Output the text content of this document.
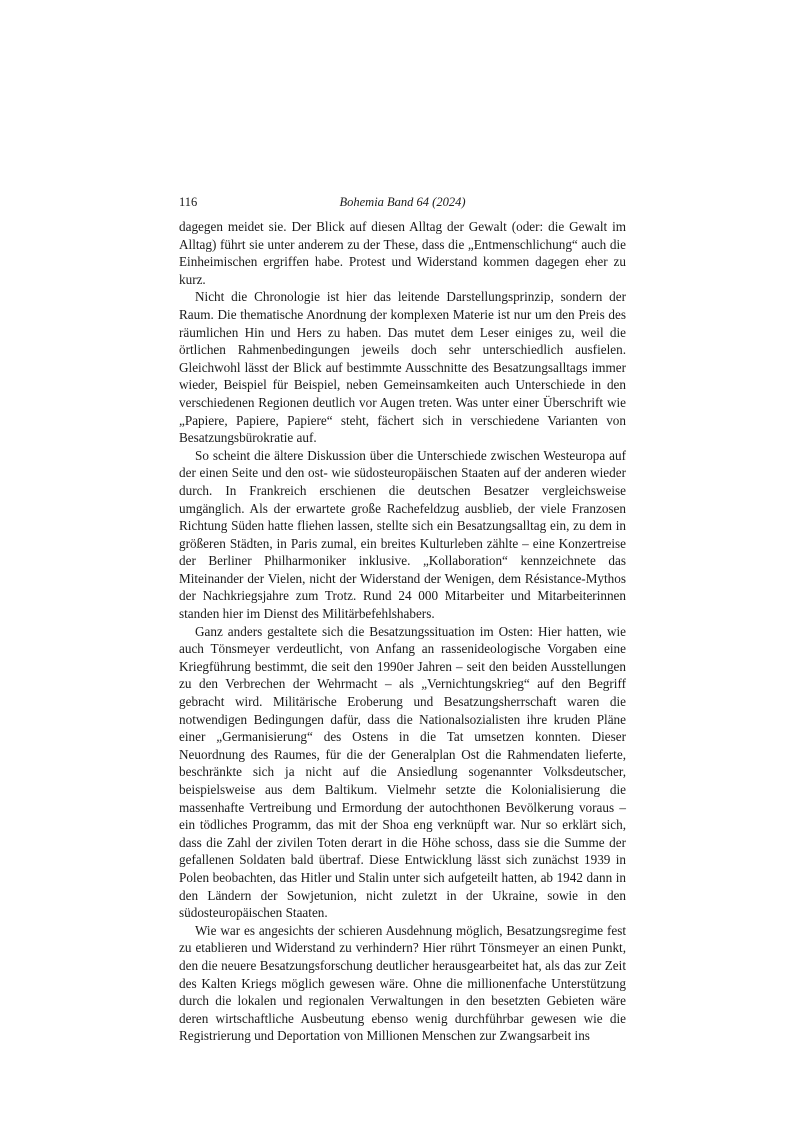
116	Bohemia Band 64 (2024)

dagegen meidet sie. Der Blick auf diesen Alltag der Gewalt (oder: die Gewalt im Alltag) führt sie unter anderem zu der These, dass die „Entmenschlichung“ auch die Einheimischen ergriffen habe. Protest und Widerstand kommen dagegen eher zu kurz.

Nicht die Chronologie ist hier das leitende Darstellungsprinzip, sondern der Raum. Die thematische Anordnung der komplexen Materie ist nur um den Preis des räumlichen Hin und Hers zu haben. Das mutet dem Leser einiges zu, weil die örtlichen Rahmenbedingungen jeweils doch sehr unterschiedlich ausfielen. Gleichwohl lässt der Blick auf bestimmte Ausschnitte des Besatzungsalltags immer wieder, Beispiel für Beispiel, neben Gemeinsamkeiten auch Unterschiede in den verschiedenen Regionen deutlich vor Augen treten. Was unter einer Überschrift wie „Papiere, Papiere, Papiere“ steht, fächert sich in verschiedene Varianten von Besatzungsbürokratie auf.

So scheint die ältere Diskussion über die Unterschiede zwischen Westeuropa auf der einen Seite und den ost- wie südosteuropäischen Staaten auf der anderen wieder durch. In Frankreich erschienen die deutschen Besatzer vergleichsweise umgänglich. Als der erwartete große Rachefeldzug ausblieb, der viele Franzosen Richtung Süden hatte fliehen lassen, stellte sich ein Besatzungsalltag ein, zu dem in größeren Städten, in Paris zumal, ein breites Kulturleben zählte – eine Konzertreise der Berliner Philharmoniker inklusive. „Kollaboration“ kennzeichnete das Miteinander der Vielen, nicht der Widerstand der Wenigen, dem Résistance-Mythos der Nachkriegsjahre zum Trotz. Rund 24 000 Mitarbeiter und Mitarbeiterinnen standen hier im Dienst des Militärbefehlshabers.

Ganz anders gestaltete sich die Besatzungssituation im Osten: Hier hatten, wie auch Tönsmeyer verdeutlicht, von Anfang an rassenideologische Vorgaben eine Kriegführung bestimmt, die seit den 1990er Jahren – seit den beiden Ausstellungen zu den Verbrechen der Wehrmacht – als „Vernichtungskrieg“ auf den Begriff gebracht wird. Militärische Eroberung und Besatzungsherrschaft waren die notwendigen Bedingungen dafür, dass die Nationalsozialisten ihre kruden Pläne einer „Germanisierung“ des Ostens in die Tat umsetzen konnten. Dieser Neuordnung des Raumes, für die der Generalplan Ost die Rahmendaten lieferte, beschränkte sich ja nicht auf die Ansiedlung sogenannter Volksdeutscher, beispielsweise aus dem Baltikum. Vielmehr setzte die Kolonialisierung die massenhafte Vertreibung und Ermordung der autochthonen Bevölkerung voraus – ein tödliches Programm, das mit der Shoa eng verknüpft war. Nur so erklärt sich, dass die Zahl der zivilen Toten derart in die Höhe schoss, dass sie die Summe der gefallenen Soldaten bald übertraf. Diese Entwicklung lässt sich zunächst 1939 in Polen beobachten, das Hitler und Stalin unter sich aufgeteilt hatten, ab 1942 dann in den Ländern der Sowjetunion, nicht zuletzt in der Ukraine, sowie in den südosteuropäischen Staaten.

Wie war es angesichts der schieren Ausdehnung möglich, Besatzungsregime fest zu etablieren und Widerstand zu verhindern? Hier rührt Tönsmeyer an einen Punkt, den die neuere Besatzungsforschung deutlicher herausgearbeitet hat, als das zur Zeit des Kalten Kriegs möglich gewesen wäre. Ohne die millionenfache Unterstützung durch die lokalen und regionalen Verwaltungen in den besetzten Gebieten wäre deren wirtschaftliche Ausbeutung ebenso wenig durchführbar gewesen wie die Registrierung und Deportation von Millionen Menschen zur Zwangsarbeit ins
